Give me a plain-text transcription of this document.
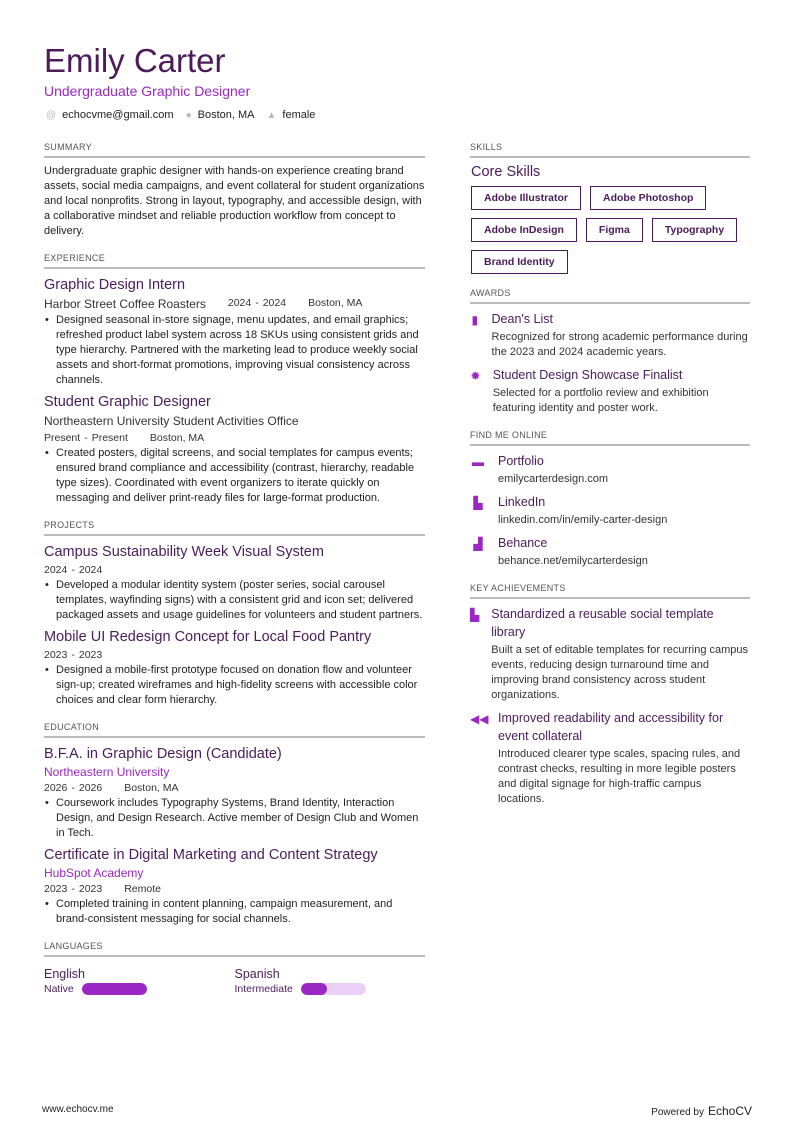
Emily Carter
Undergraduate Graphic Designer
@ echocvme@gmail.com ● Boston, MA ▲ female
SUMMARY
Undergraduate graphic designer with hands-on experience creating brand assets, social media campaigns, and event collateral for student organizations and local nonprofits. Strong in layout, typography, and accessible design, with a collaborative mindset and reliable production workflow from concept to delivery.
EXPERIENCE
Graphic Design Intern
Harbor Street Coffee Roasters 2024 - 2024 Boston, MA
• Designed seasonal in-store signage, menu updates, and email graphics; refreshed product label system across 18 SKUs using consistent grids and type hierarchy. Partnered with the marketing lead to produce weekly social assets and short-format promotions, improving visual consistency across channels.
Student Graphic Designer
Northeastern University Student Activities Office
Present - Present Boston, MA
• Created posters, digital screens, and social templates for campus events; ensured brand compliance and accessibility (contrast, hierarchy, readable type sizes). Coordinated with event organizers to iterate quickly on messaging and deliver print-ready files for large-format production.
PROJECTS
Campus Sustainability Week Visual System
2024 - 2024
• Developed a modular identity system (poster series, social carousel templates, wayfinding signs) with a consistent grid and icon set; delivered packaged assets and usage guidelines for volunteers and student partners.
Mobile UI Redesign Concept for Local Food Pantry
2023 - 2023
• Designed a mobile-first prototype focused on donation flow and volunteer sign-up; created wireframes and high-fidelity screens with accessible color choices and clear form hierarchy.
EDUCATION
B.F.A. in Graphic Design (Candidate)
Northeastern University
2026 - 2026 Boston, MA
• Coursework includes Typography Systems, Brand Identity, Interaction Design, and Design Research. Active member of Design Club and Women in Tech.
Certificate in Digital Marketing and Content Strategy
HubSpot Academy
2023 - 2023 Remote
• Completed training in content planning, campaign measurement, and brand-consistent messaging for social channels.
LANGUAGES
English
Native
Spanish
Intermediate
SKILLS
Core Skills
Adobe Illustrator	Adobe Photoshop
Adobe InDesign	Figma	Typography
Brand Identity
AWARDS
▮ Dean's List
Recognized for strong academic performance during the 2023 and 2024 academic years.
✹ Student Design Showcase Finalist
Selected for a portfolio review and exhibition featuring identity and poster work.
FIND ME ONLINE
▬ Portfolio
emilycarterdesign.com
▙ LinkedIn
linkedin.com/in/emily-carter-design
▟ Behance
behance.net/emilycarterdesign
KEY ACHIEVEMENTS
▙ Standardized a reusable social template library
Built a set of editable templates for recurring campus events, reducing design turnaround time and improving brand consistency across student organizations.
◀◀ Improved readability and accessibility for event collateral
Introduced clearer type scales, spacing rules, and contrast checks, resulting in more legible posters and digital signage for high-traffic campus locations.
www.echocv.me	Powered by EchoCV
